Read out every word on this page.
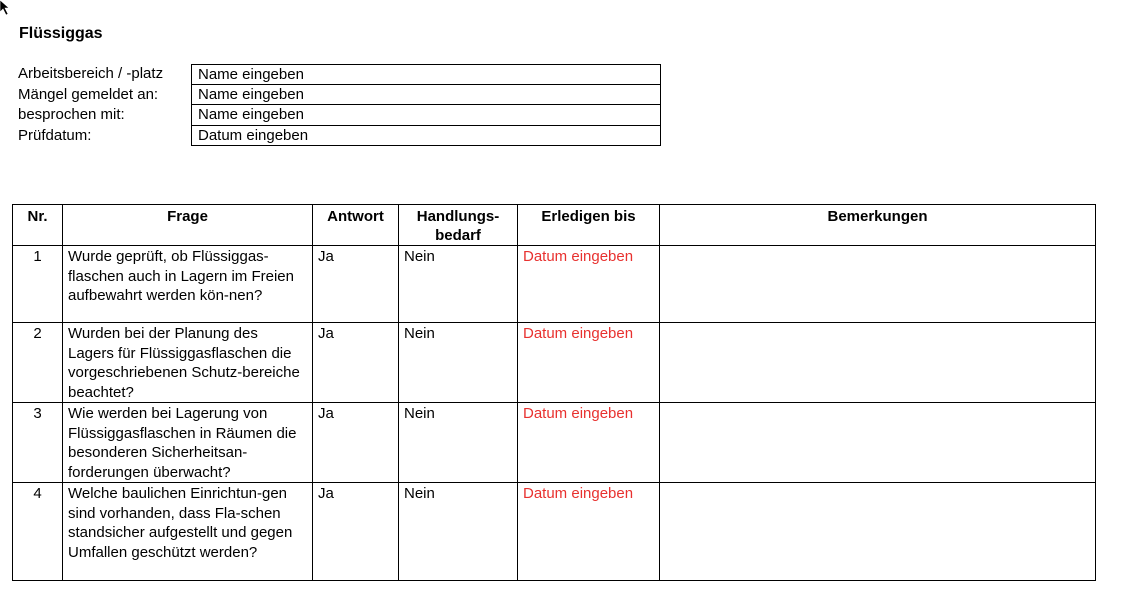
Flüssiggas
Arbeitsbereich / -platz	Name eingeben
Mängel gemeldet an:	Name eingeben
besprochen mit:	Name eingeben
Prüfdatum:	Datum eingeben
Nr.	Frage	Antwort	Handlungs- bedarf	Erledigen bis	Bemerkungen
1	Wurde geprüft, ob Flüssiggas-flaschen auch in Lagern im Freien aufbewahrt werden kön-nen?	Ja	Nein	Datum eingeben	
2	Wurden bei der Planung des Lagers für Flüssiggasflaschen die vorgeschriebenen Schutz-bereiche beachtet?	Ja	Nein	Datum eingeben	
3	Wie werden bei Lagerung von Flüssiggasflaschen in Räumen die besonderen Sicherheitsan-forderungen überwacht?	Ja	Nein	Datum eingeben	
4	Welche baulichen Einrichtun-gen sind vorhanden, dass Fla-schen standsicher aufgestellt und gegen Umfallen geschützt werden?	Ja	Nein	Datum eingeben	
